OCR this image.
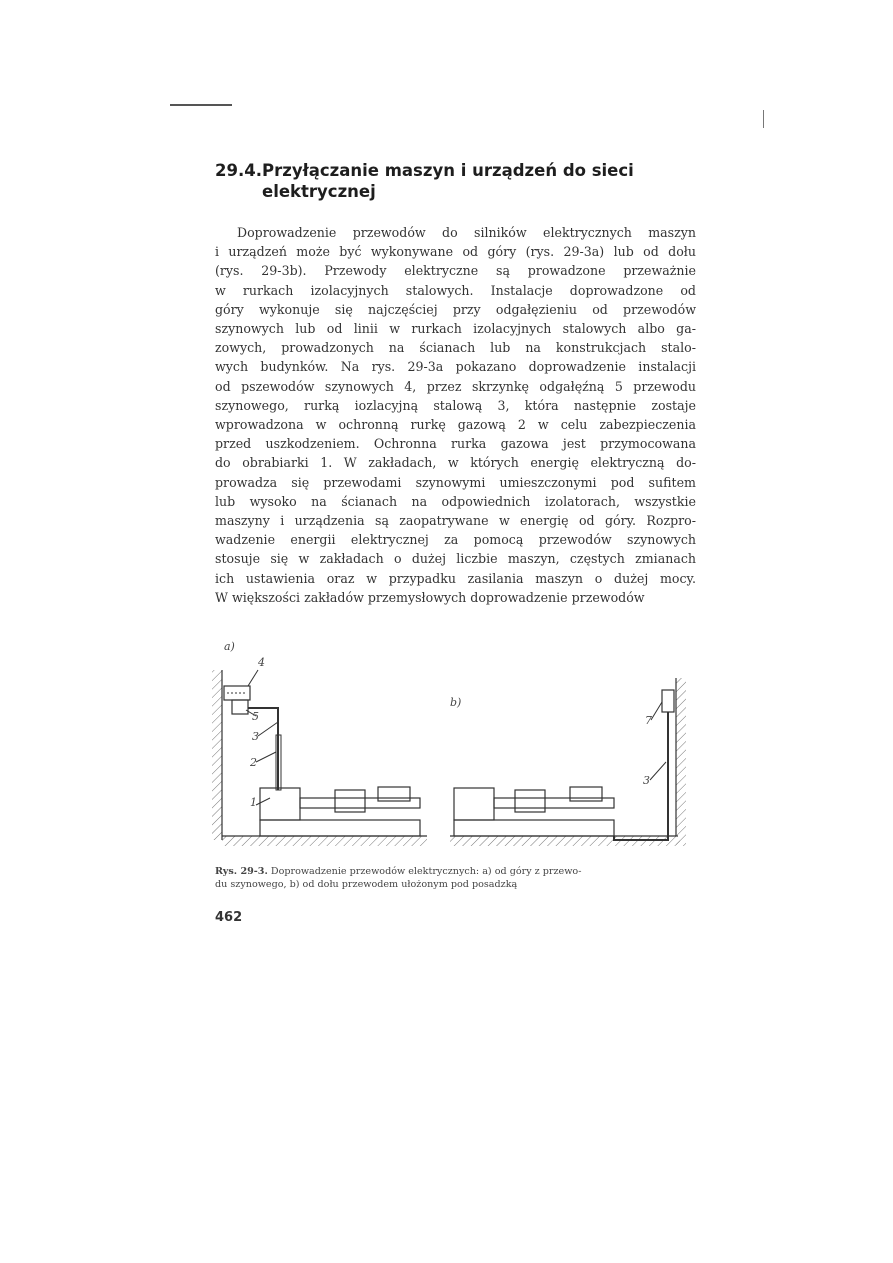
29.4.Przyłączanie maszyn i urządzeń do sieci
elektrycznej
Doprowadzenie przewodów do silników elektrycznych maszyn
i urządzeń może być wykonywane od góry (rys. 29-3a) lub od dołu
(rys. 29-3b). Przewody elektryczne są prowadzone przeważnie
w rurkach izolacyjnych stalowych. Instalacje doprowadzone od
góry wykonuje się najczęściej przy odgałęzieniu od przewodów
szynowych lub od linii w rurkach izolacyjnych stalowych albo ga-
zowych, prowadzonych na ścianach lub na konstrukcjach stalo-
wych budynków. Na rys. 29-3a pokazano doprowadzenie instalacji
od pszewodów szynowych 4, przez skrzynkę odgałęźną 5 przewodu
szynowego, rurką iozlacyjną stalową 3, która następnie zostaje
wprowadzona w ochronną rurkę gazową 2 w celu zabezpieczenia
przed uszkodzeniem. Ochronna rurka gazowa jest przymocowana
do obrabiarki 1. W zakładach, w których energię elektryczną do-
prowadza się przewodami szynowymi umieszczonymi pod sufitem
lub wysoko na ścianach na odpowiednich izolatorach, wszystkie
maszyny i urządzenia są zaopatrywane w energię od góry. Rozpro-
wadzenie energii elektrycznej za pomocą przewodów szynowych
stosuje się w zakładach o dużej liczbie maszyn, częstych zmianach
ich ustawienia oraz w przypadku zasilania maszyn o dużej mocy.
W większości zakładów przemysłowych doprowadzenie przewodów
a)
b)
1
2
3
4
5	7
3
Rys. 29-3. Doprowadzenie przewodów elektrycznych: a) od góry z przewo-
du szynowego, b) od dołu przewodem ułożonym pod posadzką
462
